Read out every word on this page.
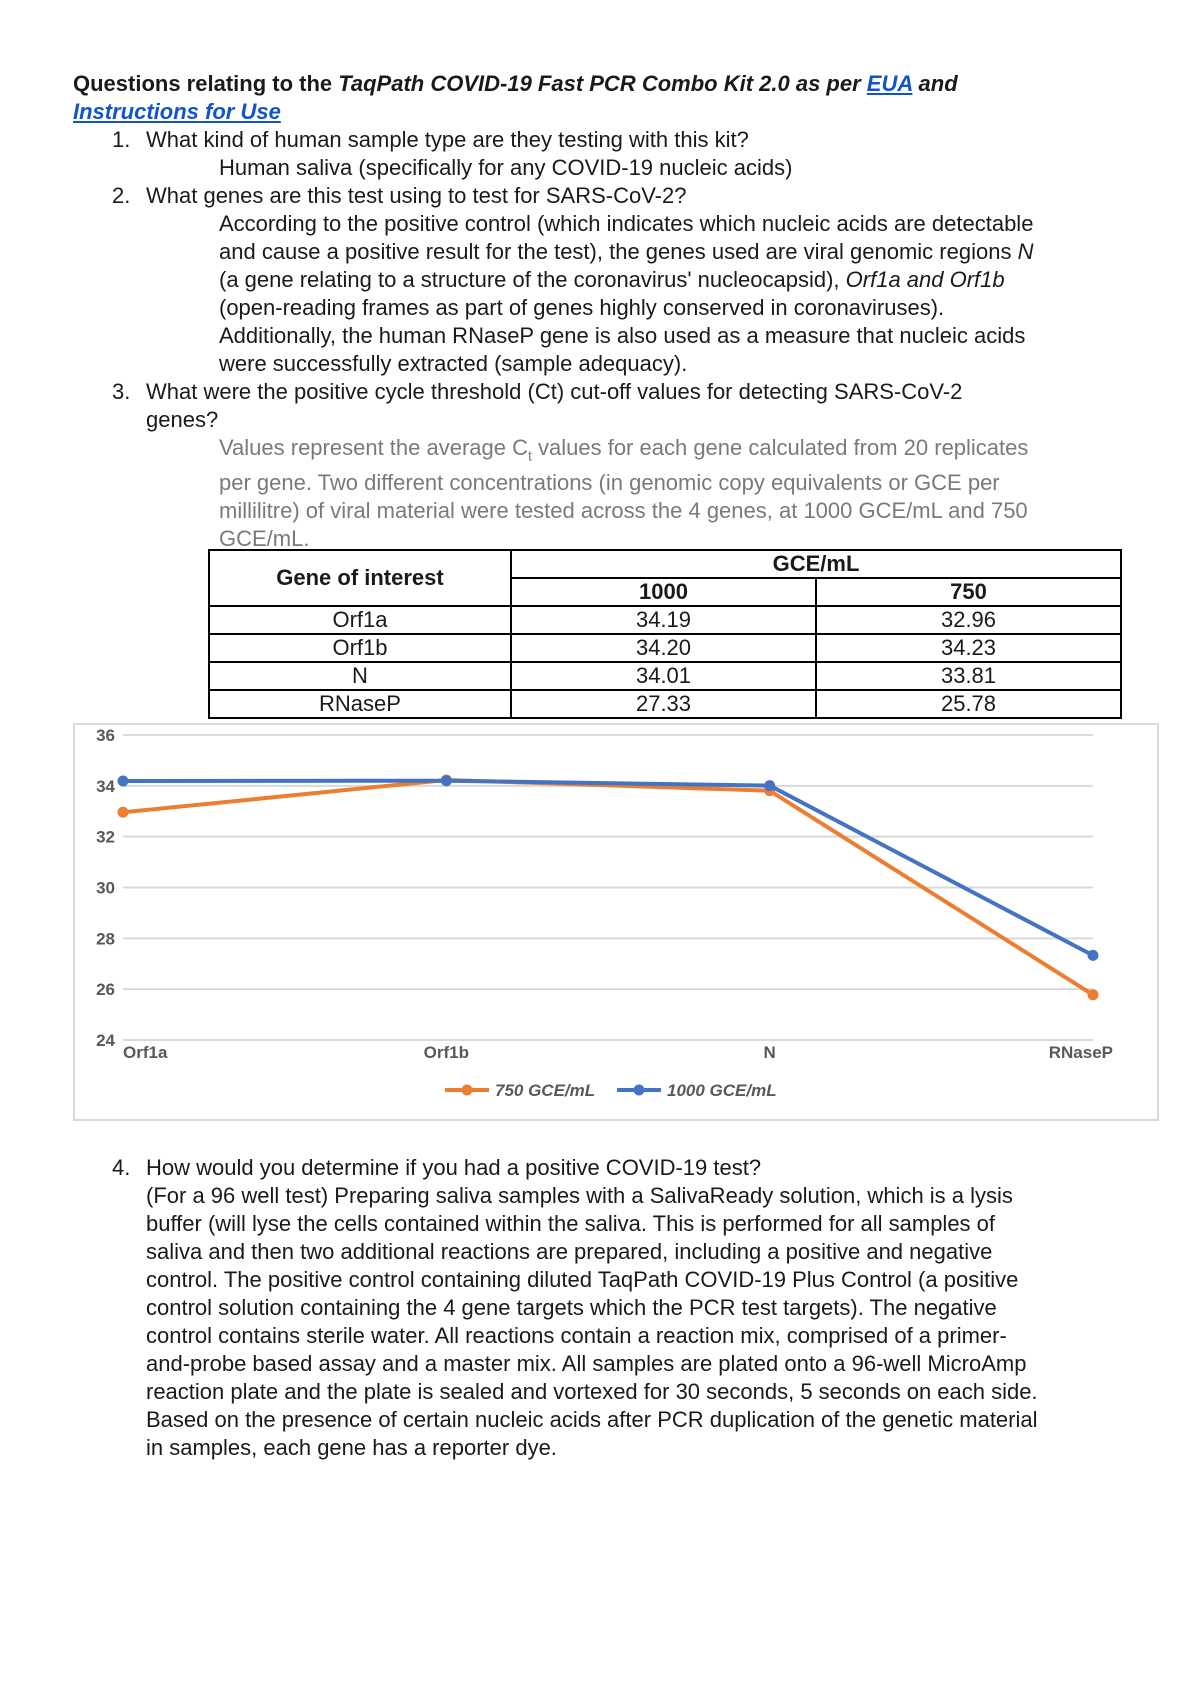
Questions relating to the TaqPath COVID-19 Fast PCR Combo Kit 2.0 as per EUA and
Instructions for Use
1. What kind of human sample type are they testing with this kit?
Human saliva (specifically for any COVID-19 nucleic acids)
2. What genes are this test using to test for SARS-CoV-2?
According to the positive control (which indicates which nucleic acids are detectable
and cause a positive result for the test), the genes used are viral genomic regions N
(a gene relating to a structure of the coronavirus' nucleocapsid), Orf1a and Orf1b
(open-reading frames as part of genes highly conserved in coronaviruses).
Additionally, the human RNaseP gene is also used as a measure that nucleic acids
were successfully extracted (sample adequacy).
3. What were the positive cycle threshold (Ct) cut-off values for detecting SARS-CoV-2
genes?
Values represent the average $C_t$ values for each gene calculated from 20 replicates
per gene. Two different concentrations (in genomic copy equivalents or GCE per
millilitre) of viral material were tested across the 4 genes, at 1000 GCE/mL and 750
GCE/mL.
Gene of interest	GCE/mL	
	1000	750
Orf1a	34.19	32.96
Orf1b	34.20	34.23
N	34.01	33.81
RNaseP	27.33	25.78
24
26
28
30
32
34
36
Orf1a	Orf1b	N	RNaseP
750 GCE/mL	1000 GCE/mL
4. How would you determine if you had a positive COVID-19 test?
(For a 96 well test) Preparing saliva samples with a SalivaReady solution, which is a lysis
buffer (will lyse the cells contained within the saliva. This is performed for all samples of
saliva and then two additional reactions are prepared, including a positive and negative
control. The positive control containing diluted TaqPath COVID-19 Plus Control (a positive
control solution containing the 4 gene targets which the PCR test targets). The negative
control contains sterile water. All reactions contain a reaction mix, comprised of a primer-
and-probe based assay and a master mix. All samples are plated onto a 96-well MicroAmp
reaction plate and the plate is sealed and vortexed for 30 seconds, 5 seconds on each side.
Based on the presence of certain nucleic acids after PCR duplication of the genetic material
in samples, each gene has a reporter dye.
